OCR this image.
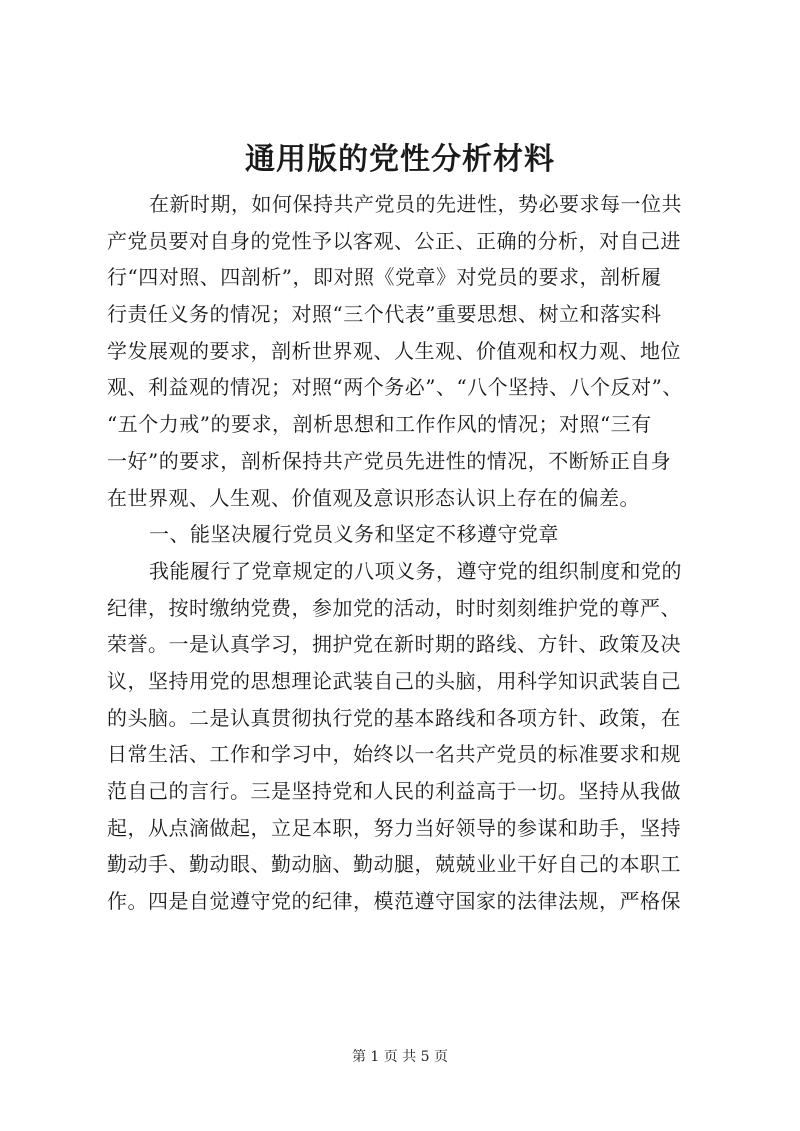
通用版的党性分析材料
在新时期，如何保持共产党员的先进性，势必要求每一位共
产党员要对自身的党性予以客观、公正、正确的分析，对自己进
行“四对照、四剖析”，即对照《党章》对党员的要求，剖析履
行责任义务的情况；对照“三个代表”重要思想、树立和落实科
学发展观的要求，剖析世界观、人生观、价值观和权力观、地位
观、利益观的情况；对照“两个务必”、“八个坚持、八个反对”、
“五个力戒”的要求，剖析思想和工作作风的情况；对照“三有
一好”的要求，剖析保持共产党员先进性的情况，不断矫正自身
在世界观、人生观、价值观及意识形态认识上存在的偏差。
一、能坚决履行党员义务和坚定不移遵守党章
我能履行了党章规定的八项义务，遵守党的组织制度和党的
纪律，按时缴纳党费，参加党的活动，时时刻刻维护党的尊严、
荣誉。一是认真学习，拥护党在新时期的路线、方针、政策及决
议，坚持用党的思想理论武装自己的头脑，用科学知识武装自己
的头脑。二是认真贯彻执行党的基本路线和各项方针、政策，在
日常生活、工作和学习中，始终以一名共产党员的标准要求和规
范自己的言行。三是坚持党和人民的利益高于一切。坚持从我做
起，从点滴做起，立足本职，努力当好领导的参谋和助手，坚持
勤动手、勤动眼、勤动脑、勤动腿，兢兢业业干好自己的本职工
作。四是自觉遵守党的纪律，模范遵守国家的法律法规，严格保
第 1 页 共 5 页
